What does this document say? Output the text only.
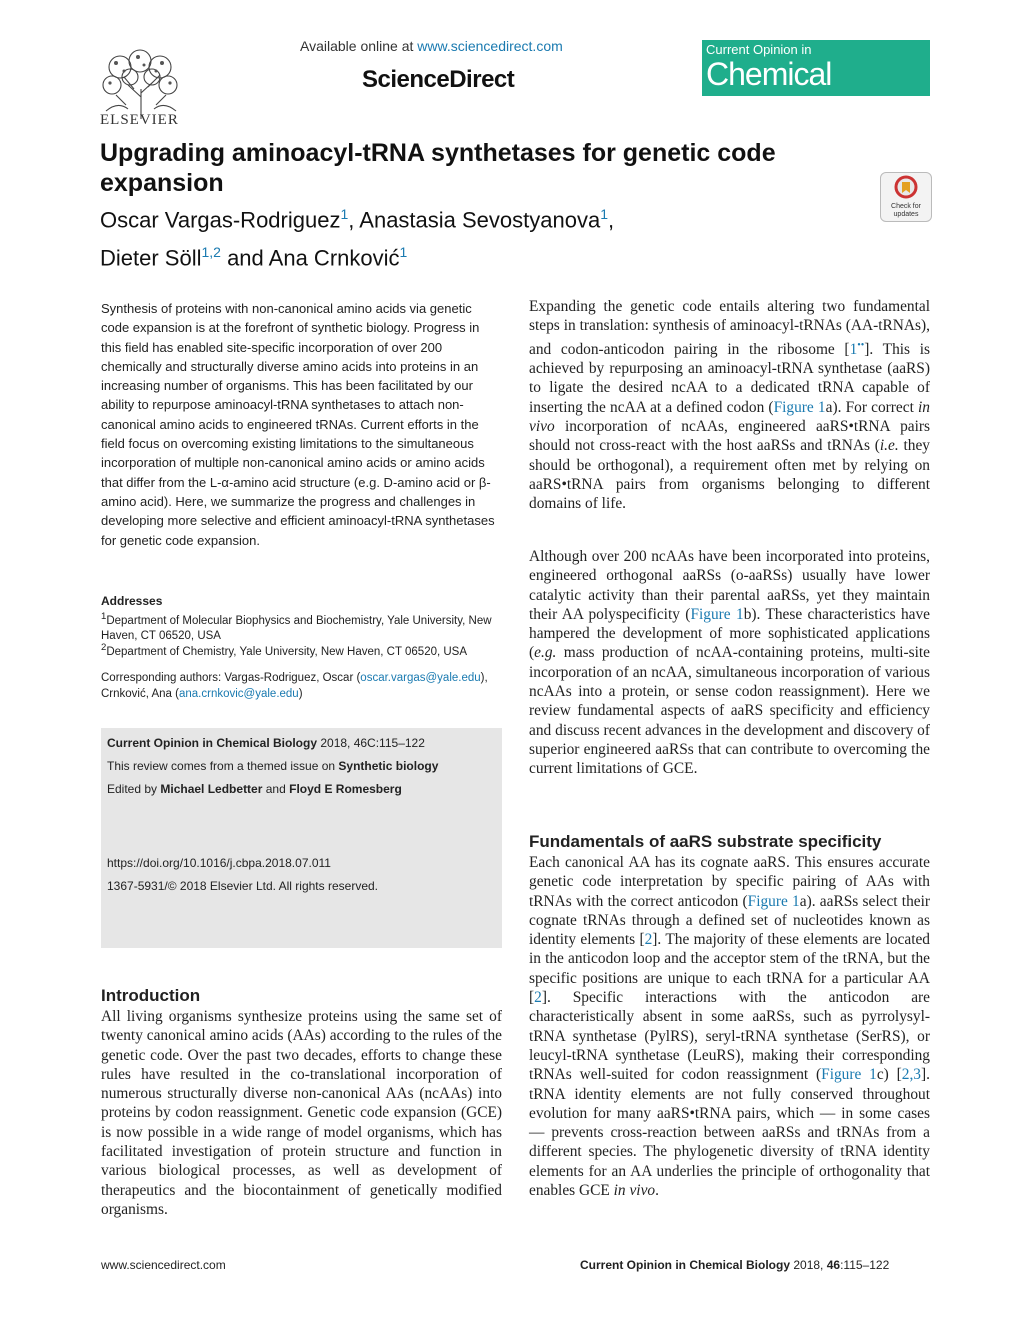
ELSEVIER
Available online at www.sciencedirect.com
ScienceDirect
Current Opinion in
Chemical Biology
Upgrading aminoacyl-tRNA synthetases for genetic code expansion
Oscar Vargas-Rodriguez$^1$, Anastasia Sevostyanova$^1$,
Dieter Söll$^{1,2}$ and Ana Crnković$^1$
Check for updates
Synthesis of proteins with non-canonical amino acids via genetic code expansion is at the forefront of synthetic biology. Progress in this field has enabled site-specific incorporation of over 200 chemically and structurally diverse amino acids into proteins in an increasing number of organisms. This has been facilitated by our ability to repurpose aminoacyl-tRNA synthetases to attach non-canonical amino acids to engineered tRNAs. Current efforts in the field focus on overcoming existing limitations to the simultaneous incorporation of multiple non-canonical amino acids or amino acids that differ from the L-α-amino acid structure (e.g. D-amino acid or β-amino acid). Here, we summarize the progress and challenges in developing more selective and efficient aminoacyl-tRNA synthetases for genetic code expansion.
Addresses
$^1$Department of Molecular Biophysics and Biochemistry, Yale University, New Haven, CT 06520, USA
$^2$Department of Chemistry, Yale University, New Haven, CT 06520, USA
Corresponding authors: Vargas-Rodriguez, Oscar (oscar.vargas@yale.edu), Crnković, Ana (ana.crnkovic@yale.edu)
Current Opinion in Chemical Biology 2018, 46C:115–122
This review comes from a themed issue on Synthetic biology
Edited by Michael Ledbetter and Floyd E Romesberg
https://doi.org/10.1016/j.cbpa.2018.07.011
1367-5931/© 2018 Elsevier Ltd. All rights reserved.
Introduction
All living organisms synthesize proteins using the same set of twenty canonical amino acids (AAs) according to the rules of the genetic code. Over the past two decades, efforts to change these rules have resulted in the co-translational incorporation of numerous structurally diverse non-canonical AAs (ncAAs) into proteins by codon reassignment. Genetic code expansion (GCE) is now possible in a wide range of model organisms, which has facilitated investigation of protein structure and function in various biological processes, as well as development of therapeutics and the biocontainment of genetically modified organisms.
Expanding the genetic code entails altering two fundamental steps in translation: synthesis of aminoacyl-tRNAs (AA-tRNAs), and codon-anticodon pairing in the ribosome [1••]. This is achieved by repurposing an aminoacyl-tRNA synthetase (aaRS) to ligate the desired ncAA to a dedicated tRNA capable of inserting the ncAA at a defined codon (Figure 1a). For correct in vivo incorporation of ncAAs, engineered aaRS•tRNA pairs should not cross-react with the host aaRSs and tRNAs (i.e. they should be orthogonal), a requirement often met by relying on aaRS•tRNA pairs from organisms belonging to different domains of life.
Although over 200 ncAAs have been incorporated into proteins, engineered orthogonal aaRSs (o-aaRSs) usually have lower catalytic activity than their parental aaRSs, yet they maintain their AA polyspecificity (Figure 1b). These characteristics have hampered the development of more sophisticated applications (e.g. mass production of ncAA-containing proteins, multi-site incorporation of an ncAA, simultaneous incorporation of various ncAAs into a protein, or sense codon reassignment). Here we review fundamental aspects of aaRS specificity and efficiency and discuss recent advances in the development and discovery of superior engineered aaRSs that can contribute to overcoming the current limitations of GCE.
Fundamentals of aaRS substrate specificity
Each canonical AA has its cognate aaRS. This ensures accurate genetic code interpretation by specific pairing of AAs with tRNAs with the correct anticodon (Figure 1a). aaRSs select their cognate tRNAs through a defined set of nucleotides known as identity elements [2]. The majority of these elements are located in the anticodon loop and the acceptor stem of the tRNA, but the specific positions are unique to each tRNA for a particular AA [2]. Specific interactions with the anticodon are characteristically absent in some aaRSs, such as pyrrolysyl-tRNA synthetase (PylRS), seryl-tRNA synthetase (SerRS), or leucyl-tRNA synthetase (LeuRS), making their corresponding tRNAs well-suited for codon reassignment (Figure 1c) [2,3]. tRNA identity elements are not fully conserved throughout evolution for many aaRS•tRNA pairs, which — in some cases — prevents cross-reaction between aaRSs and tRNAs from a different species. The phylogenetic diversity of tRNA identity elements for an AA underlies the principle of orthogonality that enables GCE in vivo.
www.sciencedirect.com	Current Opinion in Chemical Biology 2018, 46:115–122
